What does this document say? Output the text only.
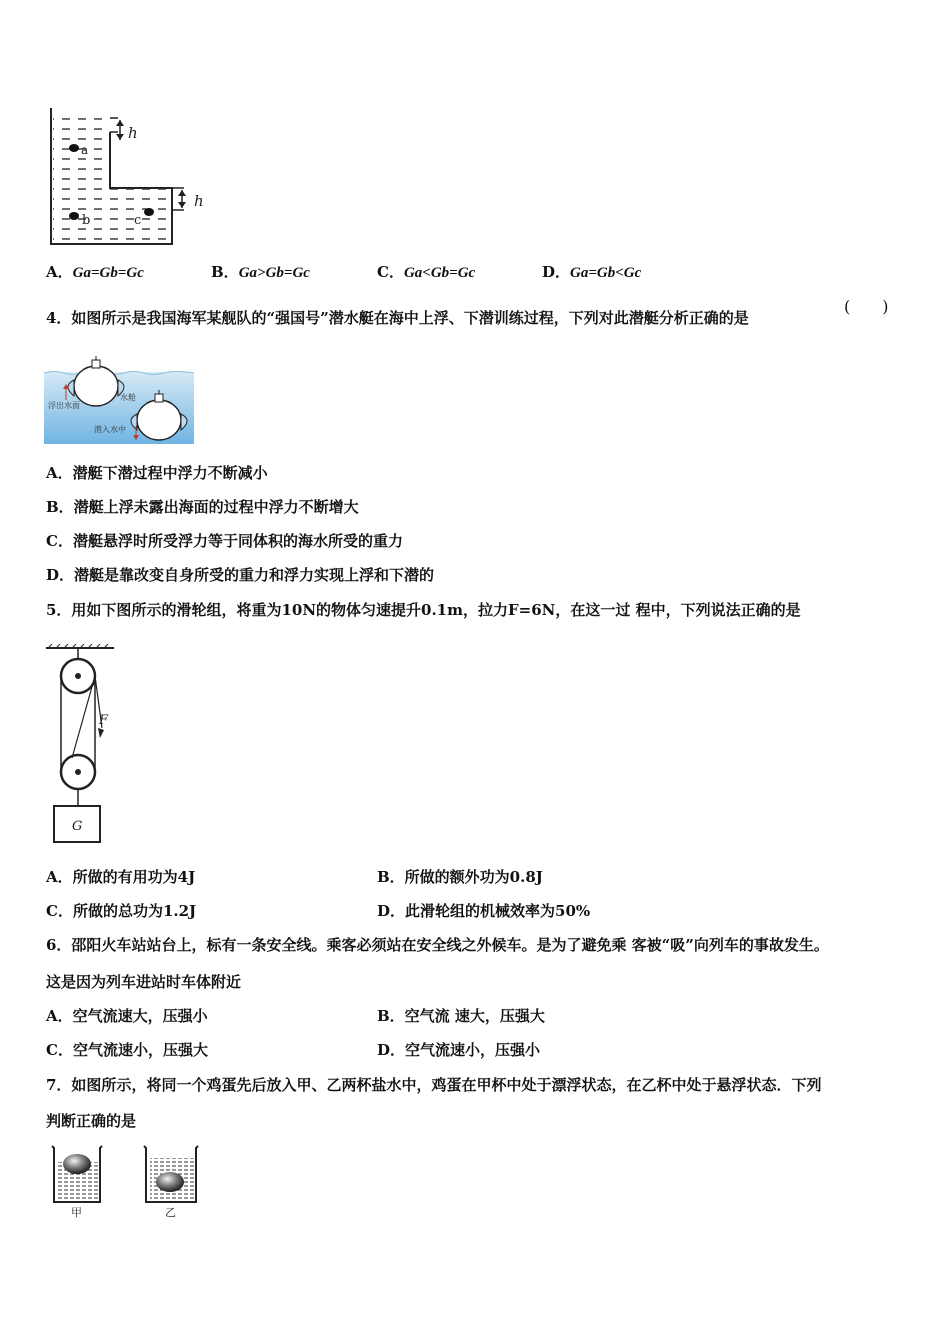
h
h
a
b	c
A．Ga=Gb=Gc	B．Ga>Gb=Gc	C．Ga<Gb=Gc	D．Ga=Gb<Gc
4．如图所示是我国海军某舰队的“强国号”潜水艇在海中上浮、下潜训练过程，下列对此潜艇分析正确的是
(　　)
浮出水面
水舱
潜入水中
A．潜艇下潜过程中浮力不断减小
B．潜艇上浮未露出海面的过程中浮力不断增大
C．潜艇悬浮时所受浮力等于同体积的海水所受的重力
D．潜艇是靠改变自身所受的重力和浮力实现上浮和下潜的
5．用如下图所示的滑轮组，将重为10N的物体匀速提升0.1m，拉力F=6N，在这一过 程中，下列说法正确的是
F
G
A．所做的有用功为4J	B．所做的额外功为0.8J
C．所做的总功为1.2J	D．此滑轮组的机械效率为50%
6．邵阳火车站站台上，标有一条安全线。乘客必须站在安全线之外候车。是为了避免乘 客被“吸”向列车的事故发生。
这是因为列车进站时车体附近
A．空气流速大，压强小	B．空气流 速大，压强大
C．空气流速小，压强大	D．空气流速小，压强小
7．如图所示，将同一个鸡蛋先后放入甲、乙两杯盐水中，鸡蛋在甲杯中处于漂浮状态，在乙杯中处于悬浮状态．下列
判断正确的是
甲	乙
